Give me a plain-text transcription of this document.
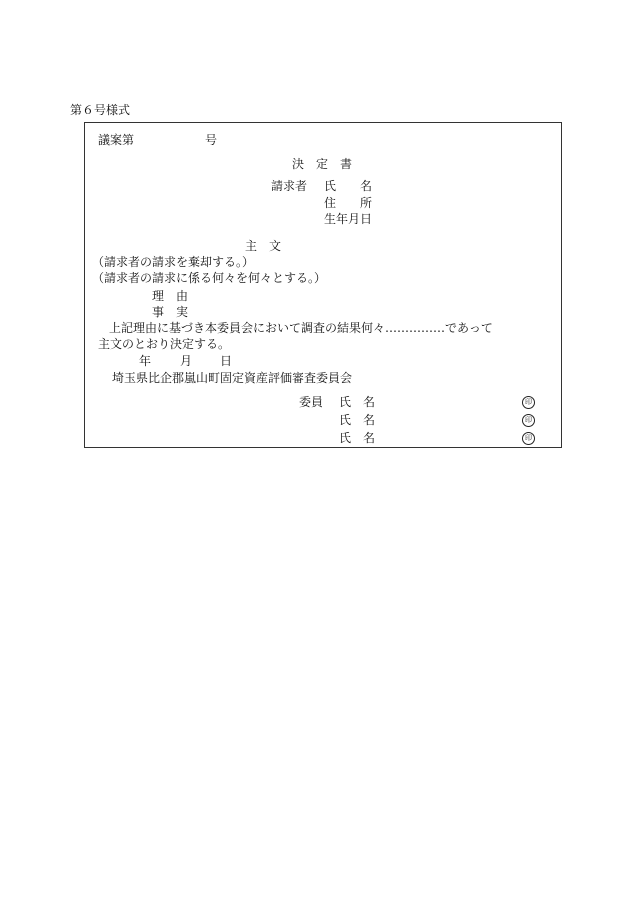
第６号様式
議案第	号
決　定　書
請求者 氏　　名
住　　所
生年月日
主　文
（請求者の請求を棄却する。）
（請求者の請求に係る何々を何々とする。）
理　由
事　実
上記理由に基づき本委員会において調査の結果何々……………であって
主文のとおり決定する。
年 月 日
埼玉県比企郡嵐山町固定資産評価審査委員会
委員 氏　名
氏　名
氏　名
印
印
印
